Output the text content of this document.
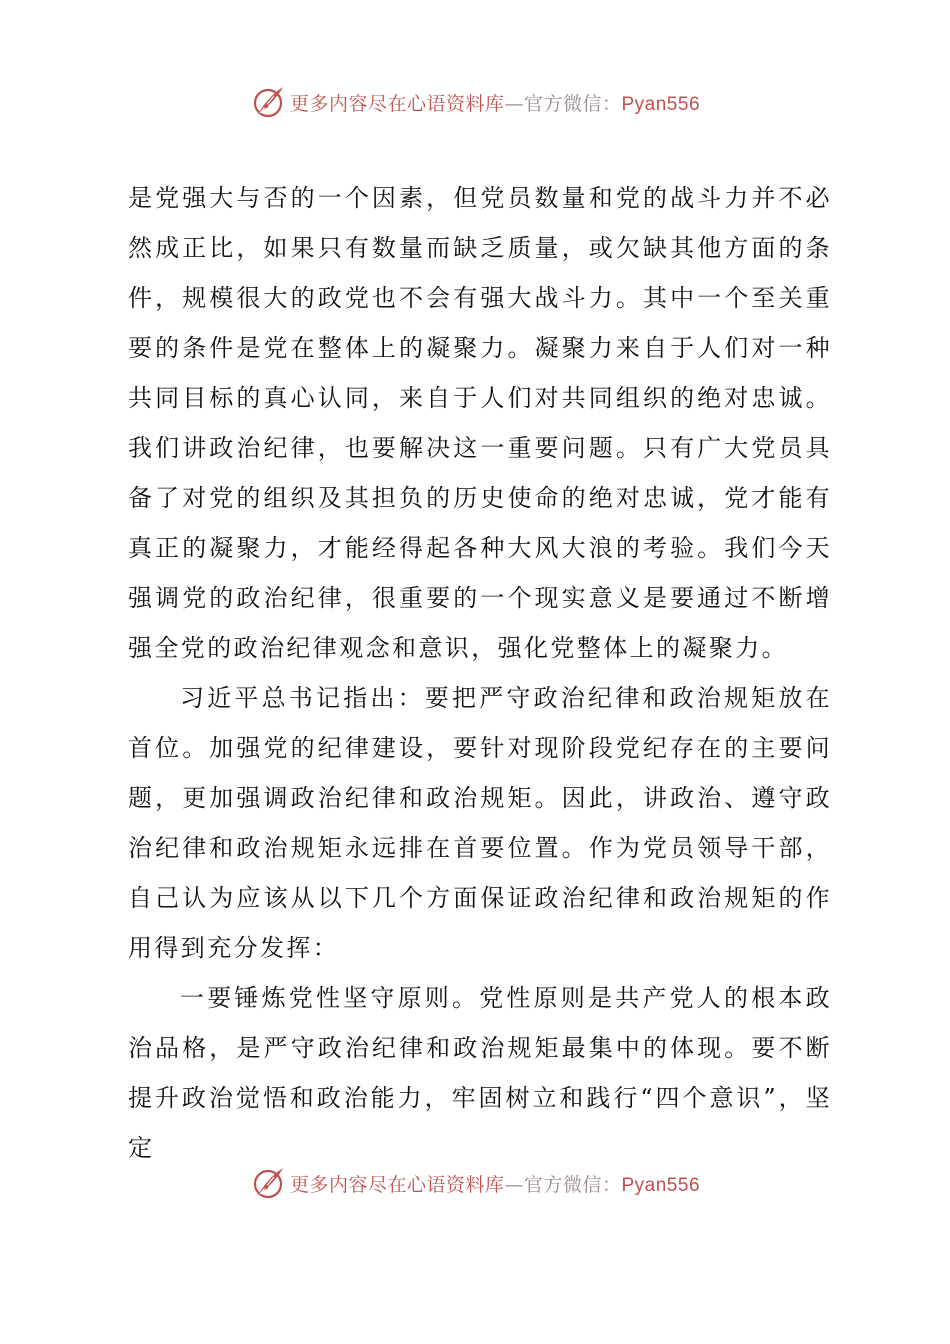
更多内容尽在心语资料库—官方微信：Pyan556

是党强大与否的一个因素，但党员数量和党的战斗力并不必然成正比，如果只有数量而缺乏质量，或欠缺其他方面的条件，规模很大的政党也不会有强大战斗力。其中一个至关重要的条件是党在整体上的凝聚力。凝聚力来自于人们对一种共同目标的真心认同，来自于人们对共同组织的绝对忠诚。我们讲政治纪律，也要解决这一重要问题。只有广大党员具备了对党的组织及其担负的历史使命的绝对忠诚，党才能有真正的凝聚力，才能经得起各种大风大浪的考验。我们今天强调党的政治纪律，很重要的一个现实意义是要通过不断增强全党的政治纪律观念和意识，强化党整体上的凝聚力。

习近平总书记指出：要把严守政治纪律和政治规矩放在首位。加强党的纪律建设，要针对现阶段党纪存在的主要问题，更加强调政治纪律和政治规矩。因此，讲政治、遵守政治纪律和政治规矩永远排在首要位置。作为党员领导干部，自己认为应该从以下几个方面保证政治纪律和政治规矩的作用得到充分发挥：

一要锤炼党性坚守原则。党性原则是共产党人的根本政治品格，是严守政治纪律和政治规矩最集中的体现。要不断提升政治觉悟和政治能力，牢固树立和践行“四个意识”，坚定

更多内容尽在心语资料库—官方微信：Pyan556
